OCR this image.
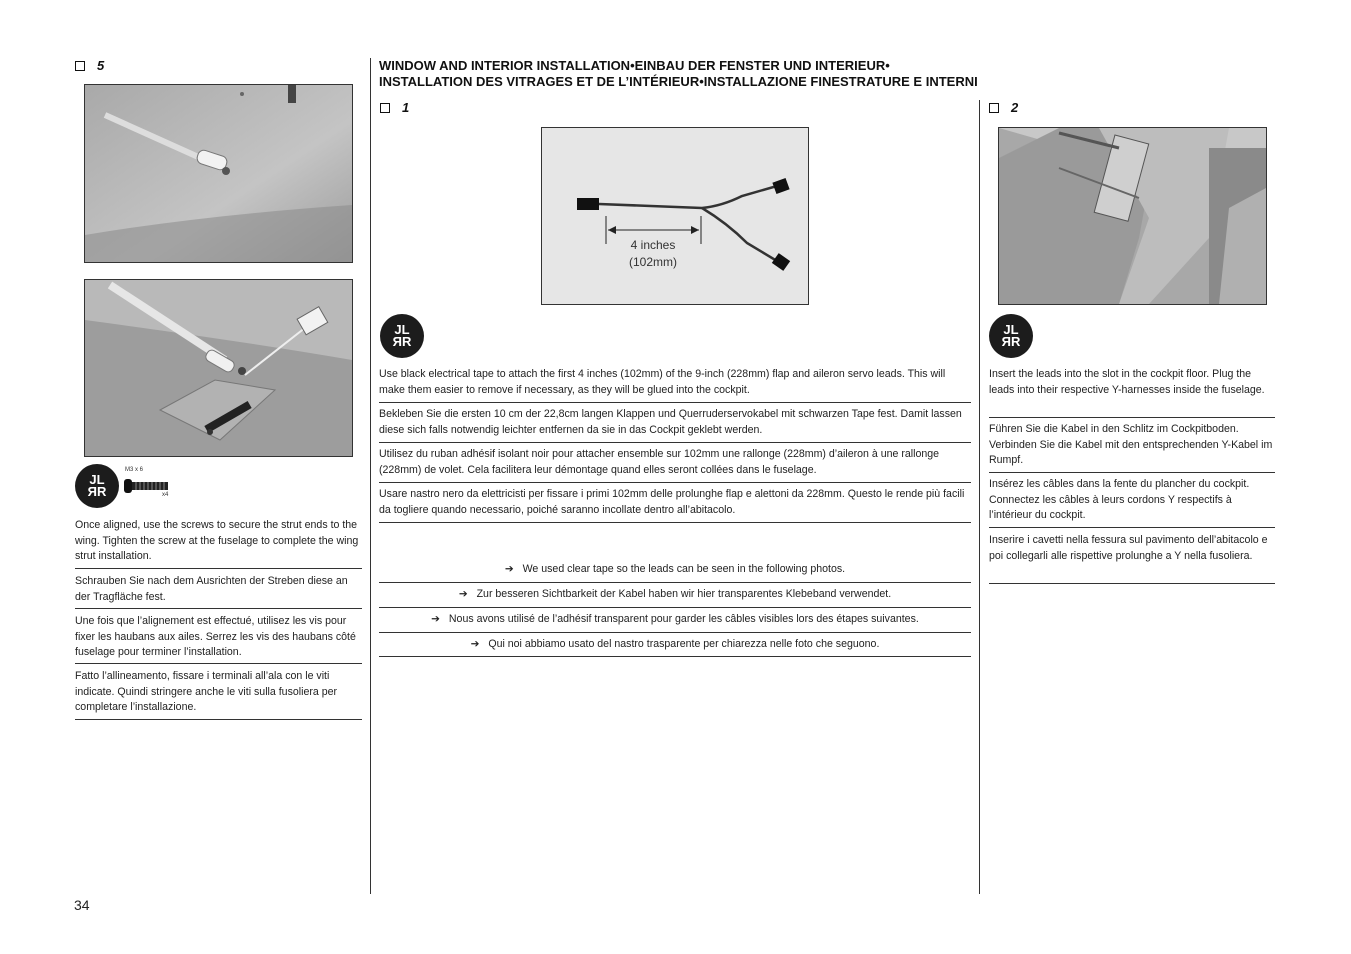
5
JL
ЯR
M3 x 6
x4
Once aligned, use the screws to secure the strut ends to the wing. Tighten the screw at the fuselage to complete the wing strut installation.
Schrauben Sie nach dem Ausrichten der Streben diese an der Tragfläche fest.
Une fois que l’alignement est effectué, utilisez les vis pour fixer les haubans aux ailes. Serrez les vis des haubans côté fuselage pour terminer l’installation.
Fatto l’allineamento, fissare i terminali all’ala con le viti indicate. Quindi stringere anche le viti sulla fusoliera per completare l’installazione.
WINDOW AND INTERIOR INSTALLATION•EINBAU DER FENSTER UND INTERIEUR•
INSTALLATION DES VITRAGES ET DE L’INTÉRIEUR•INSTALLAZIONE FINESTRATURE E INTERNI
1
4 inches
(102mm)
JL
ЯR
Use black electrical tape to attach the first 4 inches (102mm) of the 9-inch (228mm) flap and aileron servo leads. This will make them easier to remove if necessary, as they will be glued into the cockpit.
Bekleben Sie die ersten 10 cm der 22,8cm langen Klappen und Querruderservokabel mit schwarzen Tape fest. Damit lassen diese sich falls notwendig leichter entfernen da sie in das Cockpit geklebt werden.
Utilisez du ruban adhésif isolant noir pour attacher ensemble sur 102mm une rallonge (228mm) d’aileron à une rallonge (228mm) de volet. Cela facilitera leur démontage quand elles seront collées dans le fuselage.
Usare nastro nero da elettricisti per fissare i primi 102mm delle prolunghe flap e alettoni da 228mm. Questo le rende più facili da togliere quando necessario, poiché saranno incollate dentro all’abitacolo.
➔ We used clear tape so the leads can be seen in the following photos.
➔ Zur besseren Sichtbarkeit der Kabel haben wir hier transparentes Klebeband verwendet.
➔ Nous avons utilisé de l’adhésif transparent pour garder les câbles visibles lors des étapes suivantes.
➔ Qui noi abbiamo usato del nastro trasparente per chiarezza nelle foto che seguono.
2
JL
ЯR
Insert the leads into the slot in the cockpit floor. Plug the leads into their respective Y-harnesses inside the fuselage.
Führen Sie die Kabel in den Schlitz im Cockpitboden. Verbinden Sie die Kabel mit den entsprechenden Y-Kabel im Rumpf.
Insérez les câbles dans la fente du plancher du cockpit. Connectez les câbles à leurs cordons Y respectifs à l’intérieur du cockpit.
Inserire i cavetti nella fessura sul pavimento dell’abitacolo e poi collegarli alle rispettive prolunghe a Y nella fusoliera.
34
